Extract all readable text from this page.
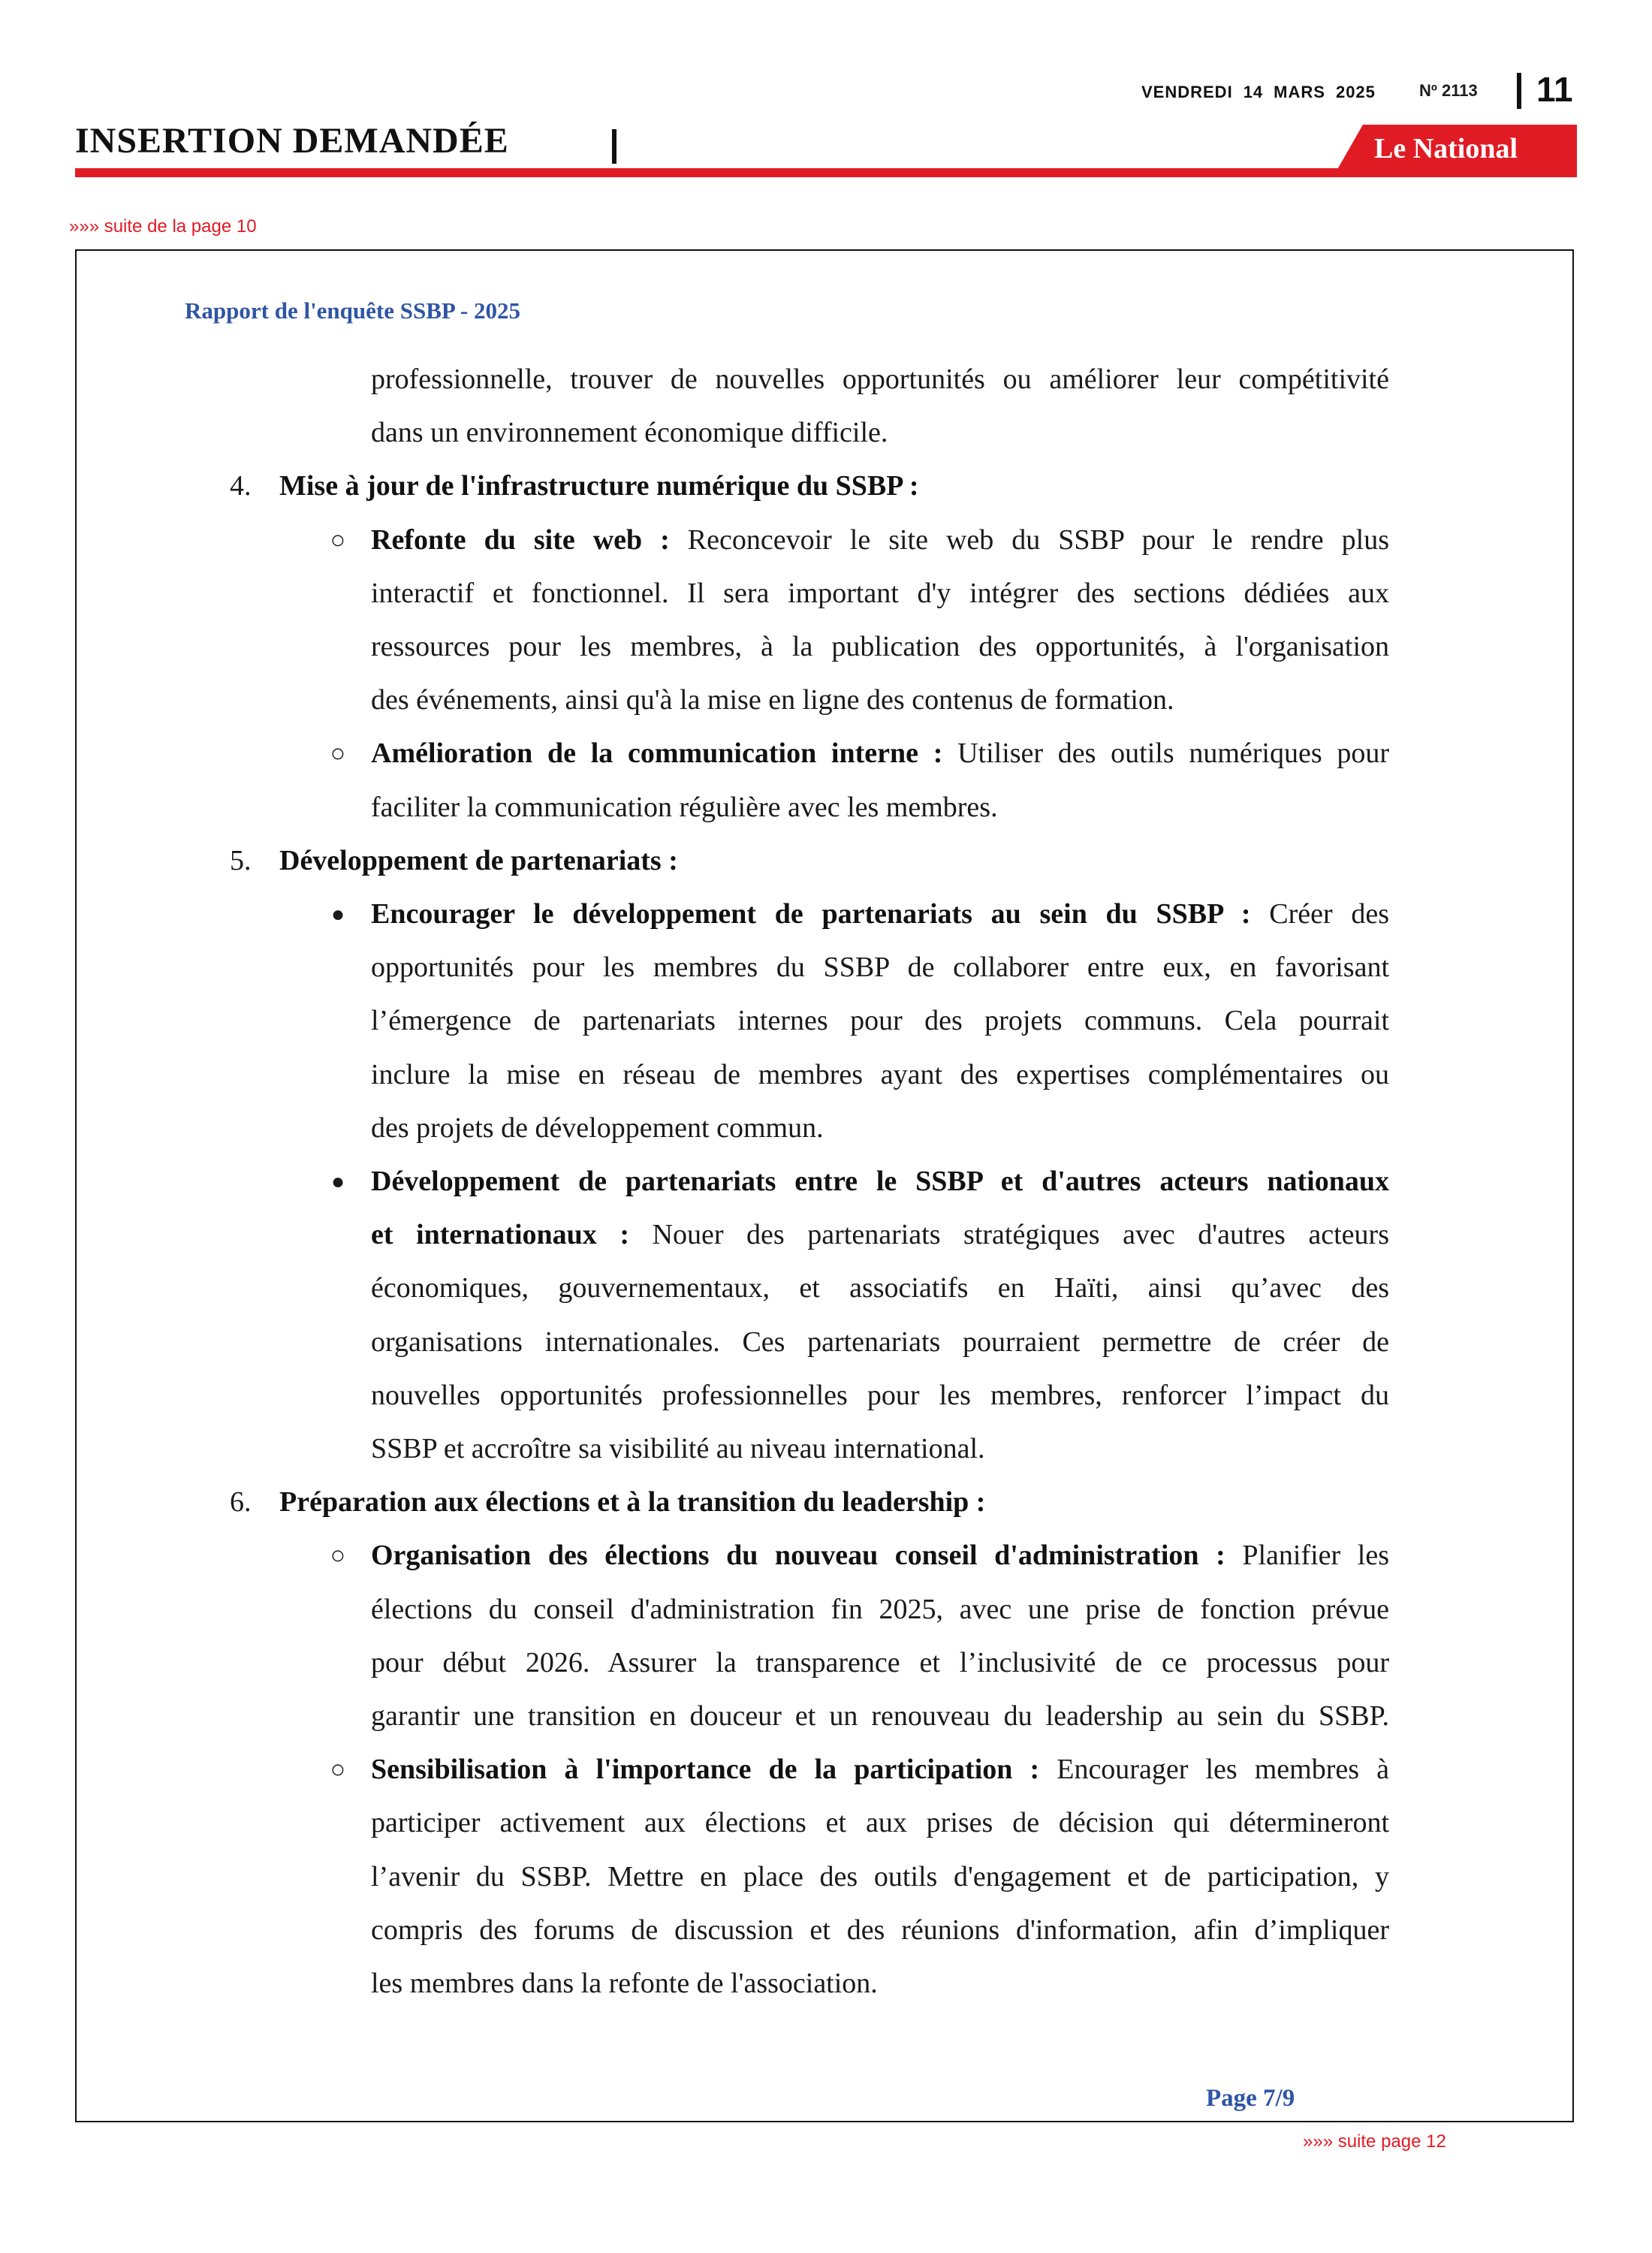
VENDREDI 14 MARS 2025	Nº 2113 11
INSERTION DEMANDÉE	Le National
»»» suite de la page 10
Rapport de l'enquête SSBP - 2025
professionnelle, trouver de nouvelles opportunités ou améliorer leur compétitivité
dans un environnement économique difficile.
4. Mise à jour de l'infrastructure numérique du SSBP :
○ Refonte du site web : Reconcevoir le site web du SSBP pour le rendre plus
interactif et fonctionnel. Il sera important d'y intégrer des sections dédiées aux
ressources pour les membres, à la publication des opportunités, à l'organisation
des événements, ainsi qu'à la mise en ligne des contenus de formation.
○ Amélioration de la communication interne : Utiliser des outils numériques pour
faciliter la communication régulière avec les membres.
5. Développement de partenariats :
● Encourager le développement de partenariats au sein du SSBP : Créer des
opportunités pour les membres du SSBP de collaborer entre eux, en favorisant
l’émergence de partenariats internes pour des projets communs. Cela pourrait
inclure la mise en réseau de membres ayant des expertises complémentaires ou
des projets de développement commun.
● Développement de partenariats entre le SSBP et d'autres acteurs nationaux
et internationaux : Nouer des partenariats stratégiques avec d'autres acteurs
économiques, gouvernementaux, et associatifs en Haïti, ainsi qu’avec des
organisations internationales. Ces partenariats pourraient permettre de créer de
nouvelles opportunités professionnelles pour les membres, renforcer l’impact du
SSBP et accroître sa visibilité au niveau international.
6. Préparation aux élections et à la transition du leadership :
○ Organisation des élections du nouveau conseil d'administration : Planifier les
élections du conseil d'administration fin 2025, avec une prise de fonction prévue
pour début 2026. Assurer la transparence et l’inclusivité de ce processus pour
garantir une transition en douceur et un renouveau du leadership au sein du SSBP.
○ Sensibilisation à l'importance de la participation : Encourager les membres à
participer activement aux élections et aux prises de décision qui détermineront
l’avenir du SSBP. Mettre en place des outils d'engagement et de participation, y
compris des forums de discussion et des réunions d'information, afin d’impliquer
les membres dans la refonte de l'association.
Page 7/9
»»» suite page 12
